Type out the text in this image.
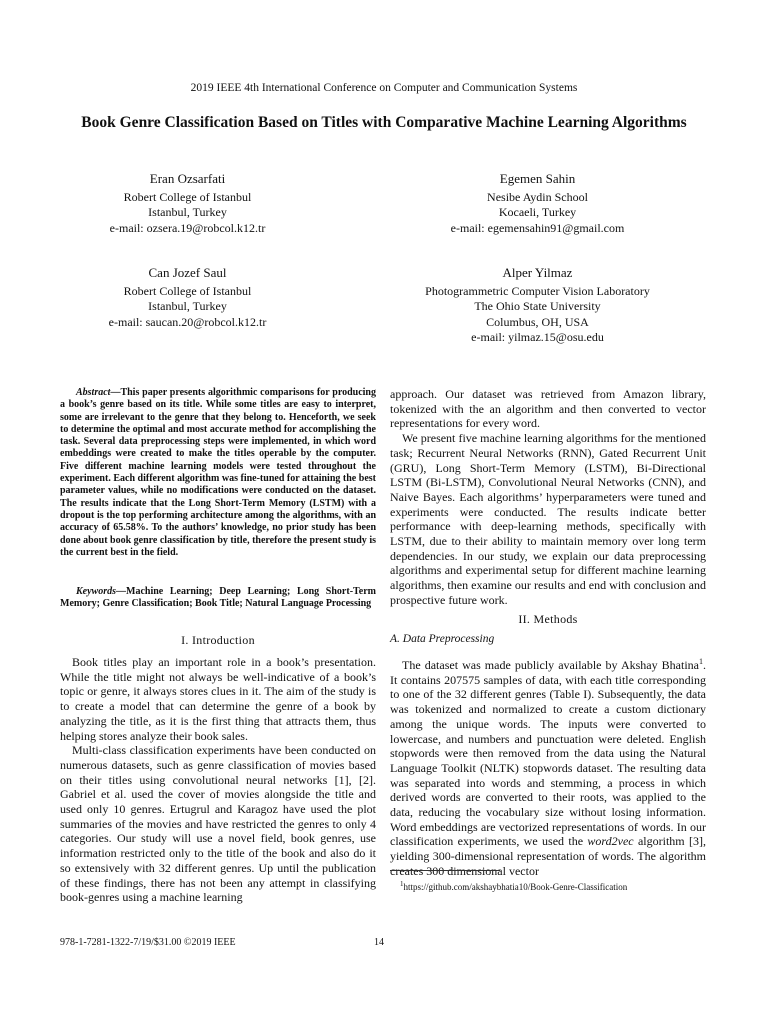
2019 IEEE 4th International Conference on Computer and Communication Systems
Book Genre Classification Based on Titles with Comparative Machine Learning Algorithms
Eran Ozsarfati
Robert College of Istanbul
Istanbul, Turkey
e-mail: ozsera.19@robcol.k12.tr
Egemen Sahin
Nesibe Aydin School
Kocaeli, Turkey
e-mail: egemensahin91@gmail.com
Can Jozef Saul
Robert College of Istanbul
Istanbul, Turkey
e-mail: saucan.20@robcol.k12.tr
Alper Yilmaz
Photogrammetric Computer Vision Laboratory
The Ohio State University
Columbus, OH, USA
e-mail: yilmaz.15@osu.edu

Abstract—This paper presents algorithmic comparisons for producing a book’s genre based on its title. While some titles are easy to interpret, some are irrelevant to the genre that they belong to. Henceforth, we seek to determine the optimal and most accurate method for accomplishing the task. Several data preprocessing steps were implemented, in which word embeddings were created to make the titles operable by the computer. Five different machine learning models were tested throughout the experiment. Each different algorithm was fine-tuned for attaining the best parameter values, while no modifications were conducted on the dataset. The results indicate that the Long Short-Term Memory (LSTM) with a dropout is the top performing architecture among the algorithms, with an accuracy of 65.58%. To the authors’ knowledge, no prior study has been done about book genre classification by title, therefore the present study is the current best in the field.

Keywords—Machine Learning; Deep Learning; Long Short-Term Memory; Genre Classification; Book Title; Natural Language Processing

I. Introduction

Book titles play an important role in a book’s presentation. While the title might not always be well-indicative of a book’s topic or genre, it always stores clues in it. The aim of the study is to create a model that can determine the genre of a book by analyzing the title, as it is the first thing that attracts them, thus helping stores analyze their book sales.

Multi-class classification experiments have been conducted on numerous datasets, such as genre classification of movies based on their titles using convolutional neural networks [1], [2]. Gabriel et al. used the cover of movies alongside the title and used only 10 genres. Ertugrul and Karagoz have used the plot summaries of the movies and have restricted the genres to only 4 categories. Our study will use a novel field, book genres, use information restricted only to the title of the book and also do it so extensively with 32 different genres. Up until the publication of these findings, there has not been any attempt in classifying book-genres using a machine learning

approach. Our dataset was retrieved from Amazon library, tokenized with the an algorithm and then converted to vector representations for every word.

We present five machine learning algorithms for the mentioned task; Recurrent Neural Networks (RNN), Gated Recurrent Unit (GRU), Long Short-Term Memory (LSTM), Bi-Directional LSTM (Bi-LSTM), Convolutional Neural Networks (CNN), and Naive Bayes. Each algorithms’ hyperparameters were tuned and experiments were conducted. The results indicate better performance with deep-learning methods, specifically with LSTM, due to their ability to maintain memory over long term dependencies. In our study, we explain our data preprocessing algorithms and experimental setup for different machine learning algorithms, then examine our results and end with conclusion and prospective future work.

II. Methods
A. Data Preprocessing

The dataset was made publicly available by Akshay Bhatina$^1$. It contains 207575 samples of data, with each title corresponding to one of the 32 different genres (Table I). Subsequently, the data was tokenized and normalized to create a custom dictionary among the unique words. The inputs were converted to lowercase, and numbers and punctuation were deleted. English stopwords were then removed from the data using the Natural Language Toolkit (NLTK) stopwords dataset. The resulting data was separated into words and stemming, a process in which derived words are converted to their roots, was applied to the data, reducing the vocabulary size without losing information. Word embeddings are vectorized representations of words. In our classification experiments, we used the word2vec algorithm [3], yielding 300-dimensional representation of words. The algorithm creates 300 dimensional vector

$^1$https://github.com/akshaybhatia10/Book-Genre-Classification
978-1-7281-1322-7/19/$31.00 ©2019 IEEE	14
